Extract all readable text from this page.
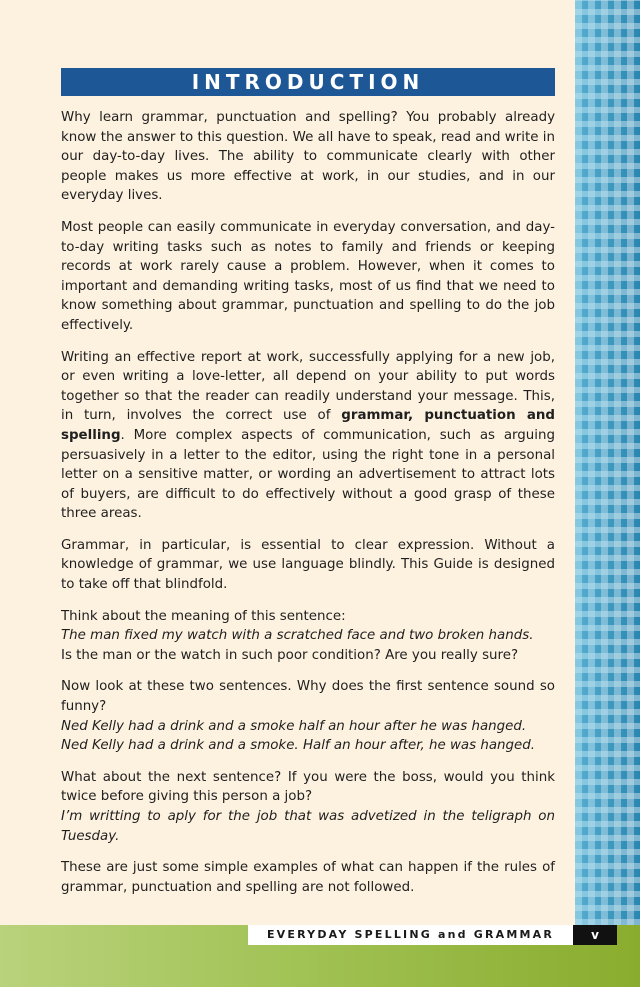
INTRODUCTION

Why learn grammar, punctuation and spelling? You probably already know the answer to this question. We all have to speak, read and write in our day-to-day lives. The ability to communicate clearly with other people makes us more effective at work, in our studies, and in our everyday lives.

Most people can easily communicate in everyday conversation, and day-to-day writing tasks such as notes to family and friends or keeping records at work rarely cause a problem. However, when it comes to important and demanding writing tasks, most of us find that we need to know something about grammar, punctuation and spelling to do the job effectively.

Writing an effective report at work, successfully applying for a new job, or even writing a love-letter, all depend on your ability to put words together so that the reader can readily understand your message. This, in turn, involves the correct use of grammar, punctuation and spelling. More complex aspects of communication, such as arguing persuasively in a letter to the editor, using the right tone in a personal letter on a sensitive matter, or wording an advertisement to attract lots of buyers, are difficult to do effectively without a good grasp of these three areas.

Grammar, in particular, is essential to clear expression. Without a knowledge of grammar, we use language blindly. This Guide is designed to take off that blindfold.

Think about the meaning of this sentence:
The man fixed my watch with a scratched face and two broken hands.
Is the man or the watch in such poor condition? Are you really sure?

Now look at these two sentences. Why does the first sentence sound so funny?
Ned Kelly had a drink and a smoke half an hour after he was hanged.
Ned Kelly had a drink and a smoke. Half an hour after, he was hanged.

What about the next sentence? If you were the boss, would you think twice before giving this person a job?
I’m writting to aply for the job that was advetized in the teligraph on Tuesday.

These are just some simple examples of what can happen if the rules of grammar, punctuation and spelling are not followed.

EVERYDAY SPELLING and GRAMMAR	v
